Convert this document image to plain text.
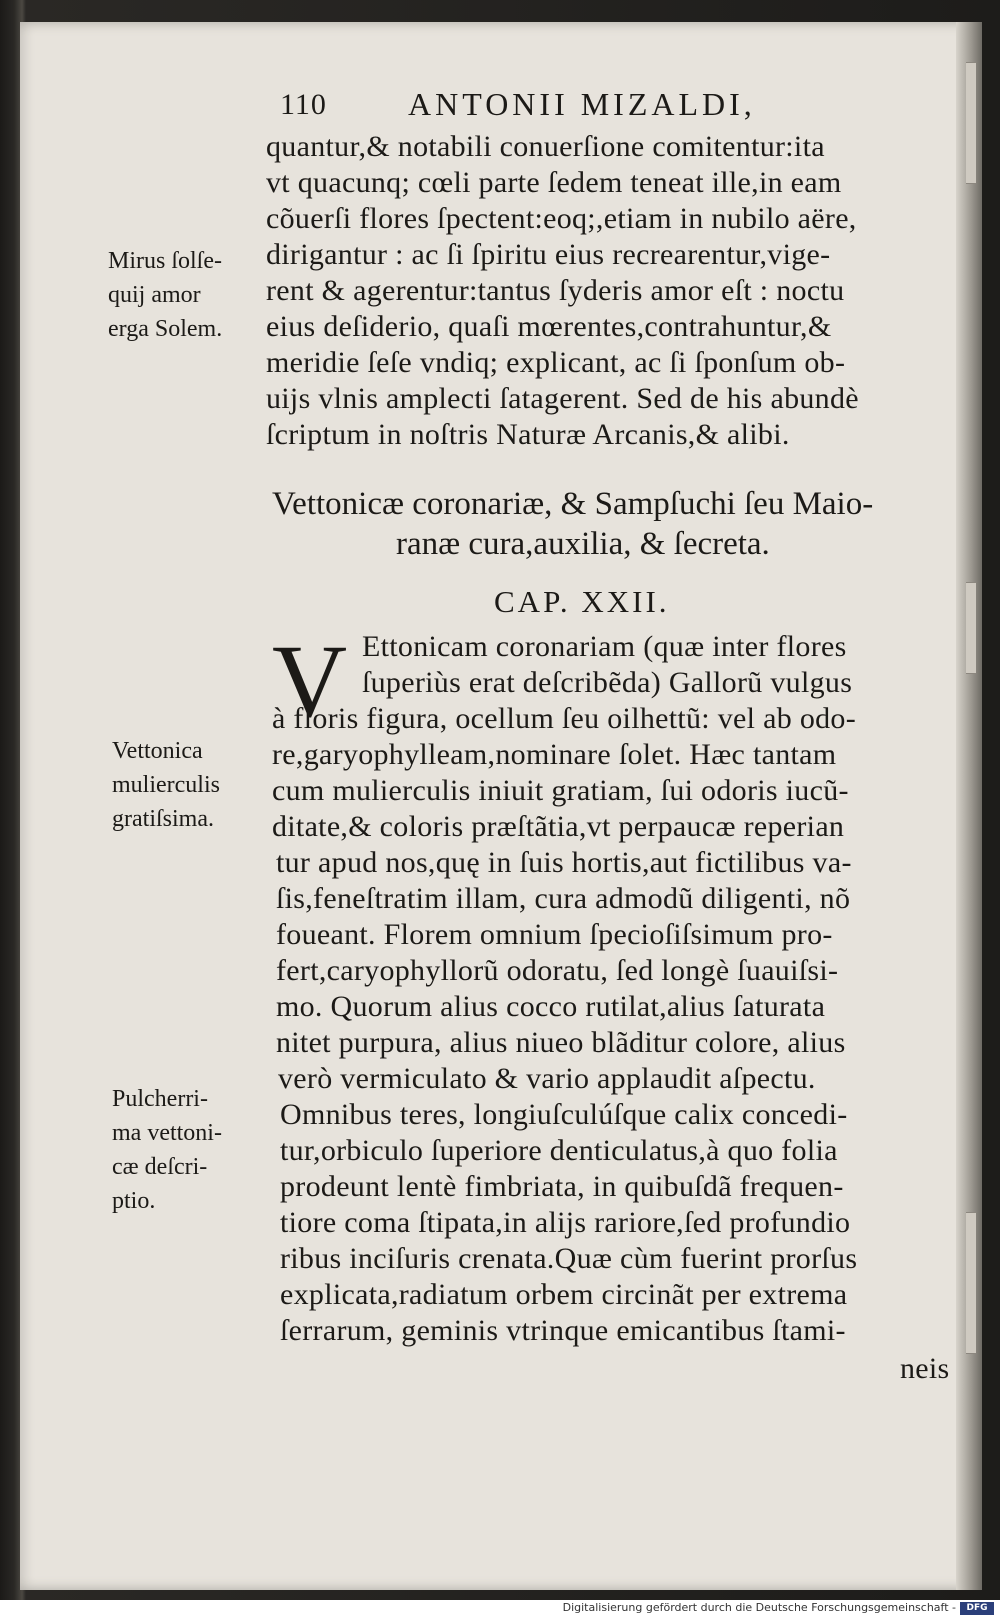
110	ANTONII MIZALDI,
quantur,& notabili conuerſione comitentur:ita
vt quacunq; cœli parte ſedem teneat ille,in eam
cõuerſi flores ſpectent:eoq;,etiam in nubilo aëre,
dirigantur : ac ſi ſpiritu eius recrearentur,vige-
rent & agerentur:tantus ſyderis amor eſt : noctu
eius deſiderio, quaſi mœrentes,contrahuntur,&
meridie ſeſe vndiq; explicant, ac ſi ſponſum ob-
uijs vlnis amplecti ſatagerent. Sed de his abundè
ſcriptum in noſtris Naturæ Arcanis,& alibi.
Mirus ſolſe-
quij amor
erga Solem.
Vettonicæ coronariæ, & Sampſuchi ſeu Maio-
ranæ cura,auxilia, & ſecreta.
CAP. XXII.
V Ettonicam coronariam (quæ inter flores
ſuperiùs erat deſcribẽda) Gallorũ vulgus
à floris figura, ocellum ſeu oilhettũ: vel ab odo-
re,garyophylleam,nominare ſolet. Hæc tantam
cum mulierculis iniuit gratiam, ſui odoris iucũ-
ditate,& coloris præſtãtia,vt perpaucæ reperian
tur apud nos,quę in ſuis hortis,aut fictilibus va-
ſis,feneſtratim illam, cura admodũ diligenti, nõ
foueant. Florem omnium ſpecioſiſsimum pro-
fert,caryophyllorũ odoratu, ſed longè ſuauiſsi-
mo. Quorum alius cocco rutilat,alius ſaturata
nitet purpura, alius niueo blãditur colore, alius
verò vermiculato & vario applaudit aſpectu.
Omnibus teres, longiuſculúſque calix concedi-
tur,orbiculo ſuperiore denticulatus,à quo folia
prodeunt lentè fimbriata, in quibuſdã frequen-
tiore coma ſtipata,in alijs rariore,ſed profundio
ribus inciſuris crenata.Quæ cùm fuerint prorſus
explicata,radiatum orbem circinãt per extrema
ſerrarum, geminis vtrinque emicantibus ſtami-
neis
Vettonica
mulierculis
gratiſsima.
Pulcherri-
ma vettoni-
cæ deſcri-
ptio.
Digitalisierung gefördert durch die Deutsche Forschungsgemeinschaft -	DFG
